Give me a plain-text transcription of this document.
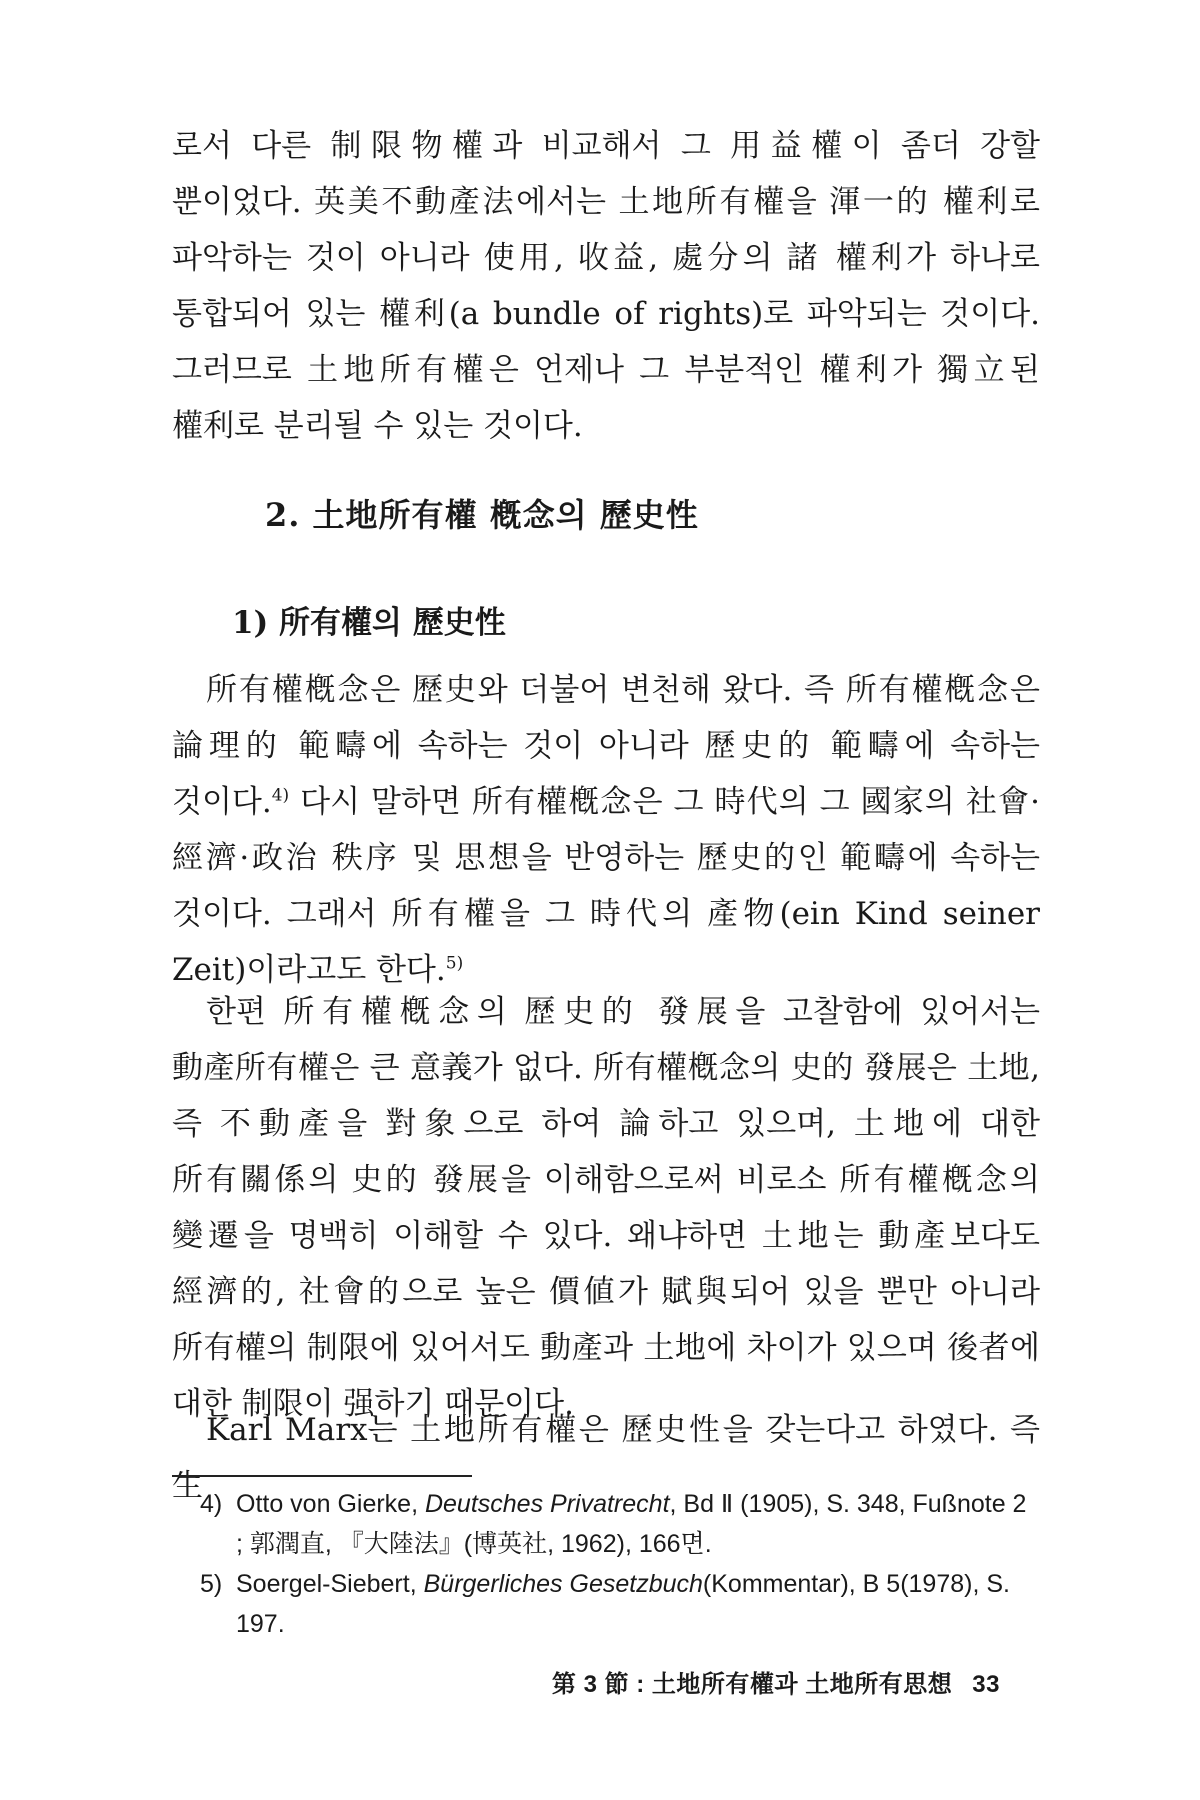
로서 다른 制限物權과 비교해서 그 用益權이 좀더 강할 뿐이었다. 英美不動產法에서는 土地所有權을 渾一的 權利로 파악하는 것이 아니라 使用, 收益, 處分의 諸 權利가 하나로 통합되어 있는 權利(a bundle of rights)로 파악되는 것이다. 그러므로 土地所有權은 언제나 그 부분적인 權利가 獨立된 權利로 분리될 수 있는 것이다.
2. 土地所有權 槪念의 歷史性
1) 所有權의 歷史性
所有權槪念은 歷史와 더불어 변천해 왔다. 즉 所有權槪念은 論理的 範疇에 속하는 것이 아니라 歷史的 範疇에 속하는 것이다.$^{4)}$ 다시 말하면 所有權槪念은 그 時代의 그 國家의 社會·經濟·政治 秩序 및 思想을 반영하는 歷史的인 範疇에 속하는 것이다. 그래서 所有權을 그 時代의 產物(ein Kind seiner Zeit)이라고도 한다.$^{5)}$
한편 所有權槪念의 歷史的 發展을 고찰함에 있어서는 動產所有權은 큰 意義가 없다. 所有權槪念의 史的 發展은 土地, 즉 不動產을 對象으로 하여 論하고 있으며, 土地에 대한 所有關係의 史的 發展을 이해함으로써 비로소 所有權槪念의 變遷을 명백히 이해할 수 있다. 왜냐하면 土地는 動產보다도 經濟的, 社會的으로 높은 價値가 賦與되어 있을 뿐만 아니라 所有權의 制限에 있어서도 動產과 土地에 차이가 있으며 後者에 대한 制限이 强하기 때문이다.
Karl Marx는 土地所有權은 歷史性을 갖는다고 하였다. 즉 生
4) Otto von Gierke, Deutsches Privatrecht, Bd Ⅱ (1905), S. 348, Fußnote 2 ; 郭潤直, 『大陸法』(博英社, 1962), 166면.
5) Soergel-Siebert, Bürgerliches Gesetzbuch(Kommentar), B 5(1978), S. 197.
第 3 節 : 土地所有權과 土地所有思想 33
